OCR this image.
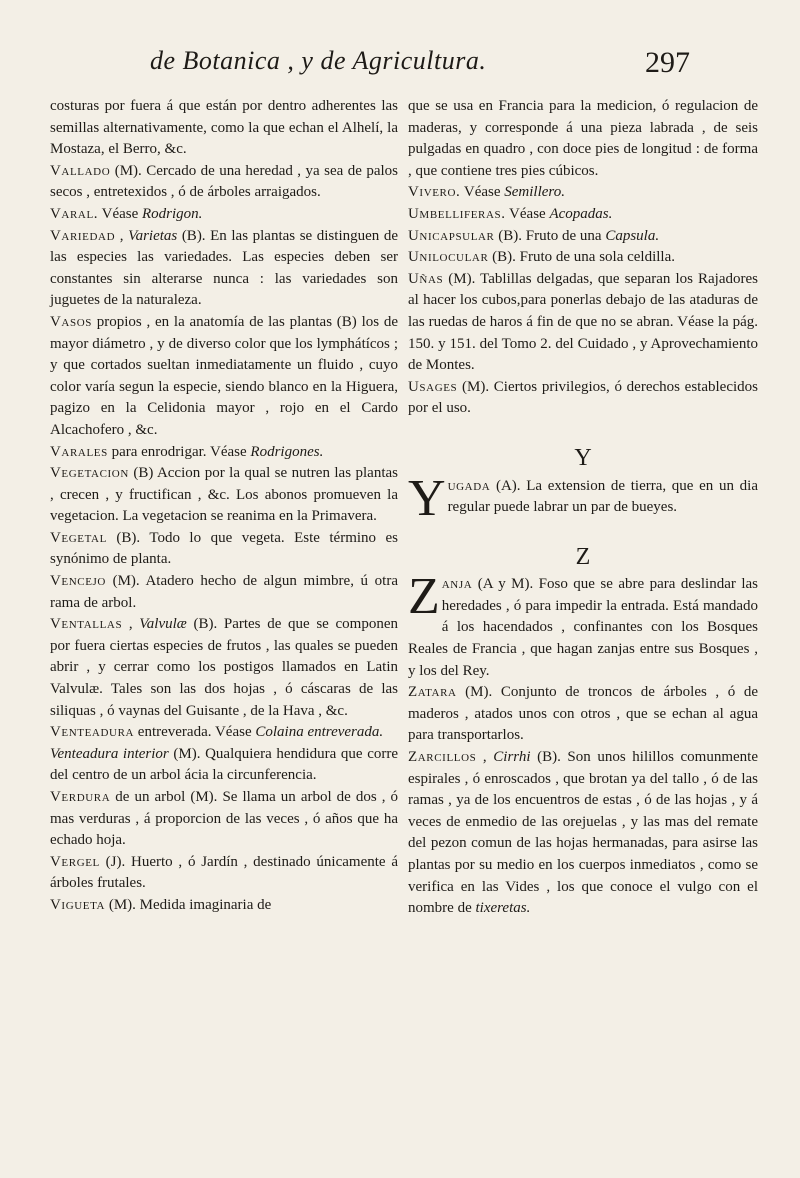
de Botanica , y de Agricultura.	297

costuras por fuera á que están por dentro adherentes las semillas alternativamente, como la que echan el Alhelí, la Mostaza, el Berro, &c.

Vallado (M). Cercado de una heredad , ya sea de palos secos , entretexidos , ó de árboles arraigados.

Varal. Véase Rodrigon.

Variedad , Varietas (B). En las plantas se distinguen de las especies las variedades. Las especies deben ser constantes sin alterarse nunca : las variedades son juguetes de la naturaleza.

Vasos propios , en la anatomía de las plantas (B) los de mayor diámetro , y de diverso color que los lymphátícos ; y que cortados sueltan inmediatamente un fluido , cuyo color varía segun la especie, siendo blanco en la Higuera, pagizo en la Celidonia mayor , rojo en el Cardo Alcachofero , &c.

Varales para enrodrigar. Véase Rodrigones.

Vegetacion (B) Accion por la qual se nutren las plantas , crecen , y fructifican , &c. Los abonos promueven la vegetacion. La vegetacion se reanima en la Primavera.

Vegetal (B). Todo lo que vegeta. Este término es synónimo de planta.

Vencejo (M). Atadero hecho de algun mimbre, ú otra rama de arbol.

Ventallas , Valvulæ (B). Partes de que se componen por fuera ciertas especies de frutos , las quales se pueden abrir , y cerrar como los postigos llamados en Latin Valvulæ. Tales son las dos hojas , ó cáscaras de las siliquas , ó vaynas del Guisante , de la Hava , &c.

Venteadura entreverada. Véase Colaina entreverada.

Venteadura interior (M). Qualquiera hendidura que corre del centro de un arbol ácia la circunferencia.

Verdura de un arbol (M). Se llama un arbol de dos , ó mas verduras , á proporcion de las veces , ó años que ha echado hoja.

Vergel (J). Huerto , ó Jardín , destinado únicamente á árboles frutales.

Vigueta (M). Medida imaginaria de

que se usa en Francia para la medicion, ó regulacion de maderas, y corresponde á una pieza labrada , de seis pulgadas en quadro , con doce pies de longitud : de forma , que contiene tres pies cúbicos.

Vivero. Véase Semillero.

Umbelliferas. Véase Acopadas.

Unicapsular (B). Fruto de una Capsula.

Unilocular (B). Fruto de una sola celdilla.

Uñas (M). Tablillas delgadas, que separan los Rajadores al hacer los cubos,para ponerlas debajo de las ataduras de las ruedas de haros á fin de que no se abran. Véase la pág. 150. y 151. del Tomo 2. del Cuidado , y Aprovechamiento de Montes.

Usages (M). Ciertos privilegios, ó derechos establecidos por el uso.

Y

Yugada (A). La extension de tierra, que en un dia regular puede labrar un par de bueyes.

Z

Zanja (A y M). Foso que se abre para deslindar las heredades , ó para impedir la entrada. Está mandado á los hacendados , confinantes con los Bosques Reales de Francia , que hagan zanjas entre sus Bosques , y los del Rey.

Zatara (M). Conjunto de troncos de árboles , ó de maderos , atados unos con otros , que se echan al agua para transportarlos.

Zarcillos , Cirrhi (B). Son unos hilillos comunmente espirales , ó enroscados , que brotan ya del tallo , ó de las ramas , ya de los encuentros de estas , ó de las hojas , y á veces de enmedio de las orejuelas , y las mas del remate del pezon comun de las hojas hermanadas, para asirse las plantas por su medio en los cuerpos inmediatos , como se verifica en las Vides , los que conoce el vulgo con el nombre de tixeretas.
